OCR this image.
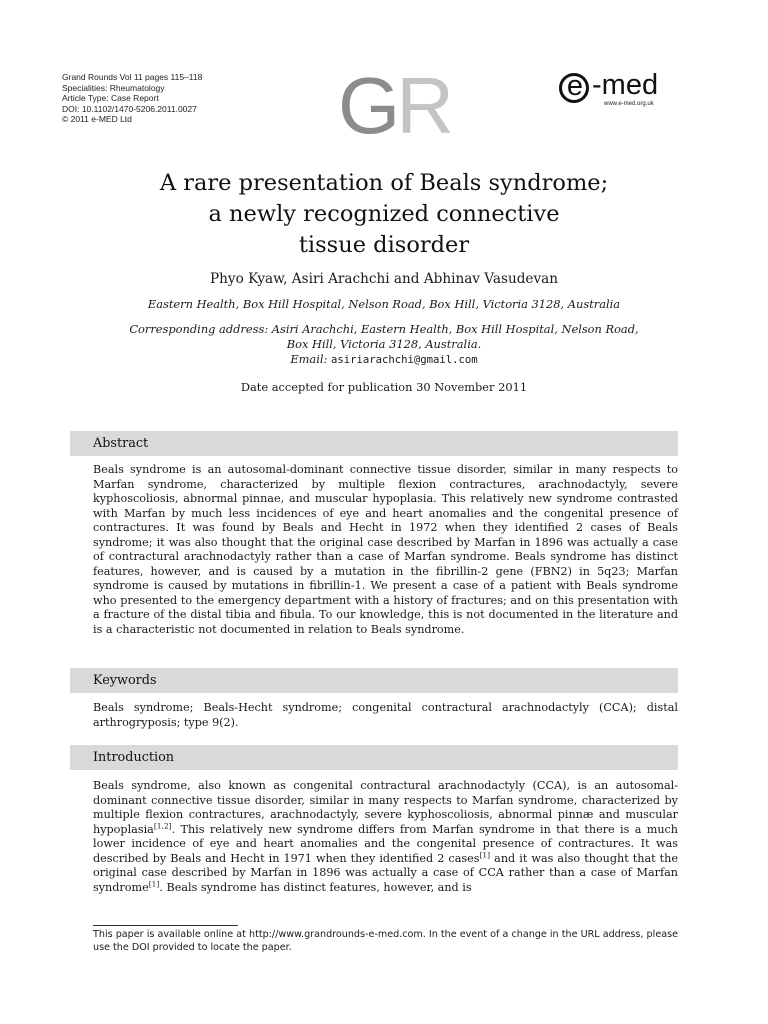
Grand Rounds Vol 11 pages 115–118
Specialities: Rheumatology
Article Type: Case Report
DOI: 10.1102/1470-5206.2011.0027
© 2011 e-MED Ltd	GR	e -med
www.e-med.org.uk
A rare presentation of Beals syndrome;
a newly recognized connective
tissue disorder
Phyo Kyaw, Asiri Arachchi and Abhinav Vasudevan
Eastern Health, Box Hill Hospital, Nelson Road, Box Hill, Victoria 3128, Australia
Corresponding address: Asiri Arachchi, Eastern Health, Box Hill Hospital, Nelson Road,
Box Hill, Victoria 3128, Australia.
Email: asiriarachchi@gmail.com
Date accepted for publication 30 November 2011
Abstract

Beals syndrome is an autosomal-dominant connective tissue disorder, similar in many respects to Marfan syndrome, characterized by multiple flexion contractures, arachnodactyly, severe kyphoscoliosis, abnormal pinnae, and muscular hypoplasia. This relatively new syndrome contrasted with Marfan by much less incidences of eye and heart anomalies and the congenital presence of contractures. It was found by Beals and Hecht in 1972 when they identified 2 cases of Beals syndrome; it was also thought that the original case described by Marfan in 1896 was actually a case of contractural arachnodactyly rather than a case of Marfan syndrome. Beals syndrome has distinct features, however, and is caused by a mutation in the fibrillin-2 gene (FBN2) in 5q23; Marfan syndrome is caused by mutations in fibrillin-1. We present a case of a patient with Beals syndrome who presented to the emergency department with a history of fractures; and on this presentation with a fracture of the distal tibia and fibula. To our knowledge, this is not documented in the literature and is a characteristic not documented in relation to Beals syndrome.

Keywords

Beals syndrome; Beals-Hecht syndrome; congenital contractural arachnodactyly (CCA); distal arthrogryposis; type 9(2).

Introduction

Beals syndrome, also known as congenital contractural arachnodactyly (CCA), is an autosomal-dominant connective tissue disorder, similar in many respects to Marfan syndrome, characterized by multiple flexion contractures, arachnodactyly, severe kyphoscoliosis, abnormal pinnæ and muscular hypoplasia[1,2]. This relatively new syndrome differs from Marfan syndrome in that there is a much lower incidence of eye and heart anomalies and the congenital presence of contractures. It was described by Beals and Hecht in 1971 when they identified 2 cases[1] and it was also thought that the original case described by Marfan in 1896 was actually a case of CCA rather than a case of Marfan syndrome[1]. Beals syndrome has distinct features, however, and is

This paper is available online at http://www.grandrounds-e-med.com. In the event of a change in the URL address, please use the DOI provided to locate the paper.
